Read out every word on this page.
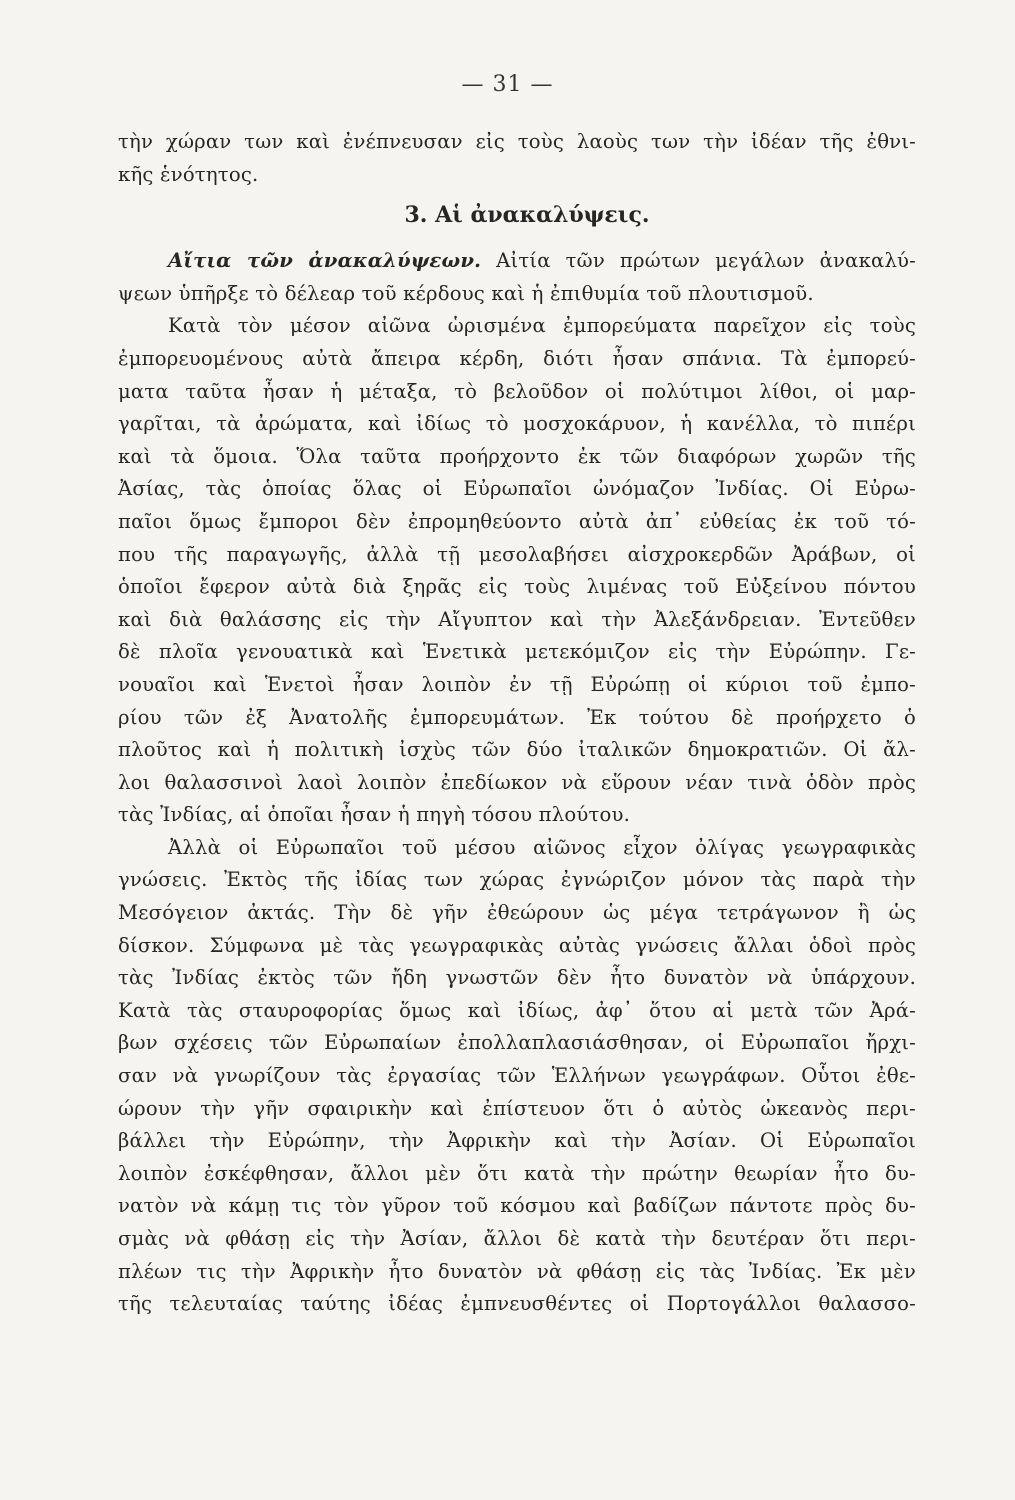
— 31 —
τὴν χώραν των καὶ ἐνέπνευσαν εἰς τοὺς λαοὺς των τὴν ἰδέαν τῆς ἐθνι-
κῆς ἑνότητος.
3. Αἱ ἀνακαλύψεις.
Αἴτια τῶν ἀνακαλύψεων. Αἰτία τῶν πρώτων μεγάλων ἀνακαλύ-
ψεων ὑπῆρξε τὸ δέλεαρ τοῦ κέρδους καὶ ἡ ἐπιθυμία τοῦ πλουτισμοῦ.
Κατὰ τὸν μέσον αἰῶνα ὡρισμένα ἐμπορεύματα παρεῖχον εἰς τοὺς
ἐμπορευομένους αὐτὰ ἄπειρα κέρδη, διότι ἦσαν σπάνια. Τὰ ἐμπορεύ-
ματα ταῦτα ἦσαν ἡ μέταξα, τὸ βελοῦδον οἱ πολύτιμοι λίθοι, οἱ μαρ-
γαρῖται, τὰ ἀρώματα, καὶ ἰδίως τὸ μοσχοκάρυον, ἡ κανέλλα, τὸ πιπέρι
καὶ τὰ ὅμοια. Ὅλα ταῦτα προήρχοντο ἐκ τῶν διαφόρων χωρῶν τῆς
Ἀσίας, τὰς ὁποίας ὅλας οἱ Εὐρωπαῖοι ὠνόμαζον Ἰνδίας. Οἱ Εὐρω-
παῖοι ὅμως ἔμποροι δὲν ἐπρομηθεύοντο αὐτὰ ἀπ᾽ εὐθείας ἐκ τοῦ τό-
που τῆς παραγωγῆς, ἀλλὰ τῇ μεσολαβήσει αἰσχροκερδῶν Ἀράβων, οἱ
ὁποῖοι ἔφερον αὐτὰ διὰ ξηρᾶς εἰς τοὺς λιμένας τοῦ Εὐξείνου πόντου
καὶ διὰ θαλάσσης εἰς τὴν Αἴγυπτον καὶ τὴν Ἀλεξάνδρειαν. Ἐντεῦθεν
δὲ πλοῖα γενουατικὰ καὶ Ἑνετικὰ μετεκόμιζον εἰς τὴν Εὐρώπην. Γε-
νουαῖοι καὶ Ἑνετοὶ ἦσαν λοιπὸν ἐν τῇ Εὐρώπῃ οἱ κύριοι τοῦ ἐμπο-
ρίου τῶν ἐξ Ἀνατολῆς ἐμπορευμάτων. Ἐκ τούτου δὲ προήρχετο ὁ
πλοῦτος καὶ ἡ πολιτικὴ ἰσχὺς τῶν δύο ἰταλικῶν δημοκρατιῶν. Οἱ ἄλ-
λοι θαλασσινοὶ λαοὶ λοιπὸν ἐπεδίωκον νὰ εὕρουν νέαν τινὰ ὁδὸν πρὸς
τὰς Ἰνδίας, αἱ ὁποῖαι ἦσαν ἡ πηγὴ τόσου πλούτου.
Ἀλλὰ οἱ Εὐρωπαῖοι τοῦ μέσου αἰῶνος εἶχον ὀλίγας γεωγραφικὰς
γνώσεις. Ἐκτὸς τῆς ἰδίας των χώρας ἐγνώριζον μόνον τὰς παρὰ τὴν
Μεσόγειον ἀκτάς. Τὴν δὲ γῆν ἐθεώρουν ὡς μέγα τετράγωνον ἢ ὡς
δίσκον. Σύμφωνα μὲ τὰς γεωγραφικὰς αὐτὰς γνώσεις ἄλλαι ὁδοὶ πρὸς
τὰς Ἰνδίας ἐκτὸς τῶν ἤδη γνωστῶν δὲν ἦτο δυνατὸν νὰ ὑπάρχουν.
Κατὰ τὰς σταυροφορίας ὅμως καὶ ἰδίως, ἀφ᾽ ὅτου αἱ μετὰ τῶν Ἀρά-
βων σχέσεις τῶν Εὐρωπαίων ἐπολλαπλασιάσθησαν, οἱ Εὐρωπαῖοι ἤρχι-
σαν νὰ γνωρίζουν τὰς ἐργασίας τῶν Ἑλλήνων γεωγράφων. Οὗτοι ἐθε-
ώρουν τὴν γῆν σφαιρικὴν καὶ ἐπίστευον ὅτι ὁ αὐτὸς ὠκεανὸς περι-
βάλλει τὴν Εὐρώπην, τὴν Ἀφρικὴν καὶ τὴν Ἀσίαν. Οἱ Εὐρωπαῖοι
λοιπὸν ἐσκέφθησαν, ἄλλοι μὲν ὅτι κατὰ τὴν πρώτην θεωρίαν ἦτο δυ-
νατὸν νὰ κάμῃ τις τὸν γῦρον τοῦ κόσμου καὶ βαδίζων πάντοτε πρὸς δυ-
σμὰς νὰ φθάσῃ εἰς τὴν Ἀσίαν, ἄλλοι δὲ κατὰ τὴν δευτέραν ὅτι περι-
πλέων τις τὴν Ἀφρικὴν ἦτο δυνατὸν νὰ φθάσῃ εἰς τὰς Ἰνδίας. Ἐκ μὲν
τῆς τελευταίας ταύτης ἰδέας ἐμπνευσθέντες οἱ Πορτογάλλοι θαλασσο-
